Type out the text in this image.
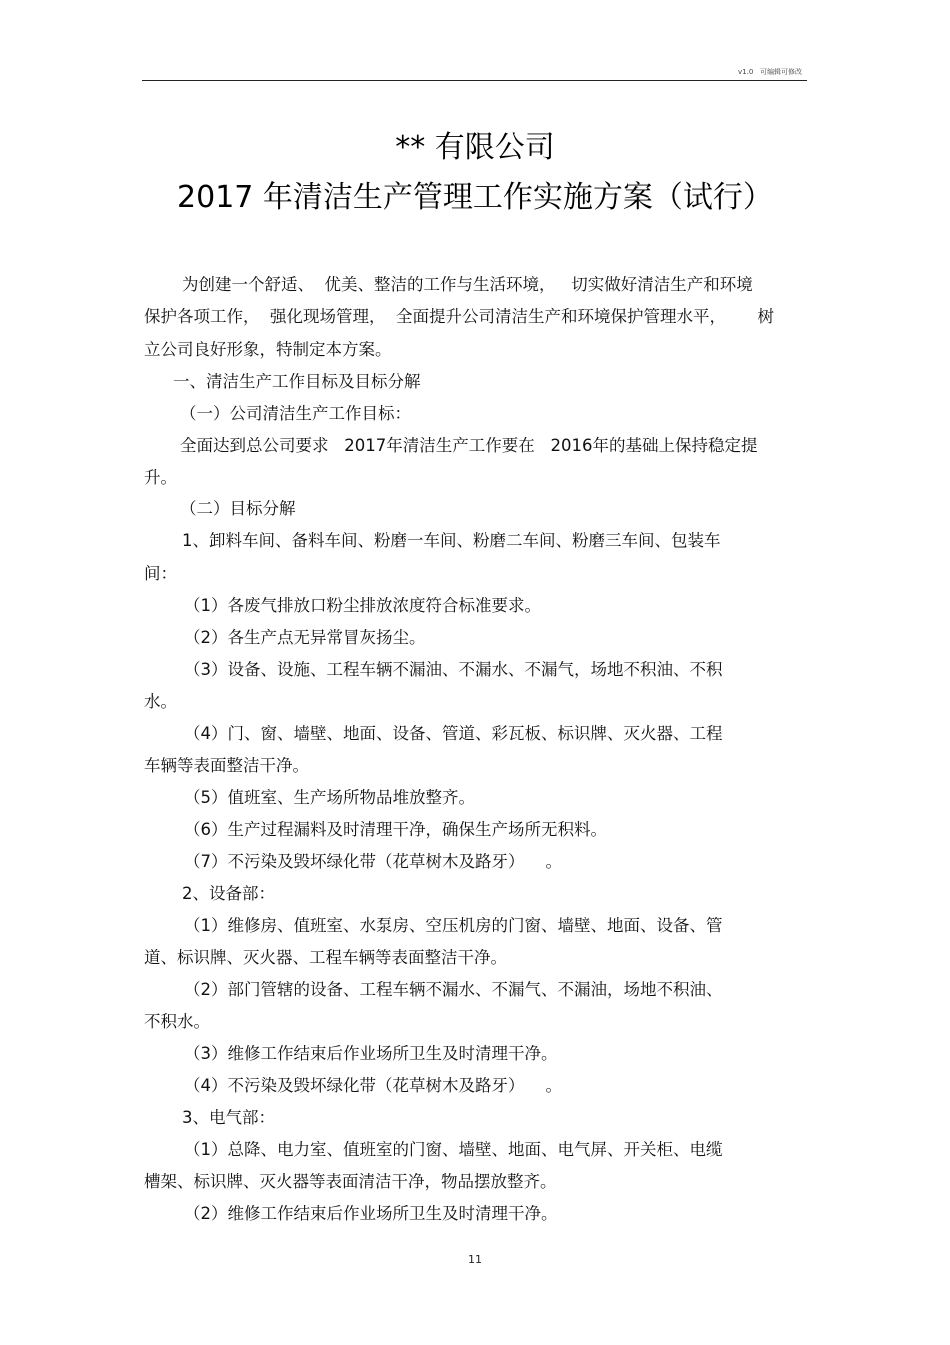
v1.0   可编辑可修改
** 有限公司
2017 年清洁生产管理工作实施方案（试行）
为创建一个舒适、  优美、整洁的工作与生活环境，   切实做好清洁生产和环境
保护各项工作，  强化现场管理，  全面提升公司清洁生产和环境保护管理水平，      树
立公司良好形象，特制定本方案。
一、清洁生产工作目标及目标分解
（一）公司清洁生产工作目标：
全面达到总公司要求   2017年清洁生产工作要在   2016年的基础上保持稳定提
升。
（二）目标分解
1、卸料车间、备料车间、粉磨一车间、粉磨二车间、粉磨三车间、包装车
间：
（1）各废气排放口粉尘排放浓度符合标准要求。
（2）各生产点无异常冒灰扬尘。
（3）设备、设施、工程车辆不漏油、不漏水、不漏气，场地不积油、不积
水。
（4）门、窗、墙壁、地面、设备、管道、彩瓦板、标识牌、灭火器、工程
车辆等表面整洁干净。
（5）值班室、生产场所物品堆放整齐。
（6）生产过程漏料及时清理干净，确保生产场所无积料。
（7）不污染及毁坏绿化带（花草树木及路牙）    。
2、设备部：
（1）维修房、值班室、水泵房、空压机房的门窗、墙壁、地面、设备、管
道、标识牌、灭火器、工程车辆等表面整洁干净。
（2）部门管辖的设备、工程车辆不漏水、不漏气、不漏油，场地不积油、
不积水。
（3）维修工作结束后作业场所卫生及时清理干净。
（4）不污染及毁坏绿化带（花草树木及路牙）    。
3、电气部：
（1）总降、电力室、值班室的门窗、墙壁、地面、电气屏、开关柜、电缆
槽架、标识牌、灭火器等表面清洁干净，物品摆放整齐。
（2）维修工作结束后作业场所卫生及时清理干净。
11
